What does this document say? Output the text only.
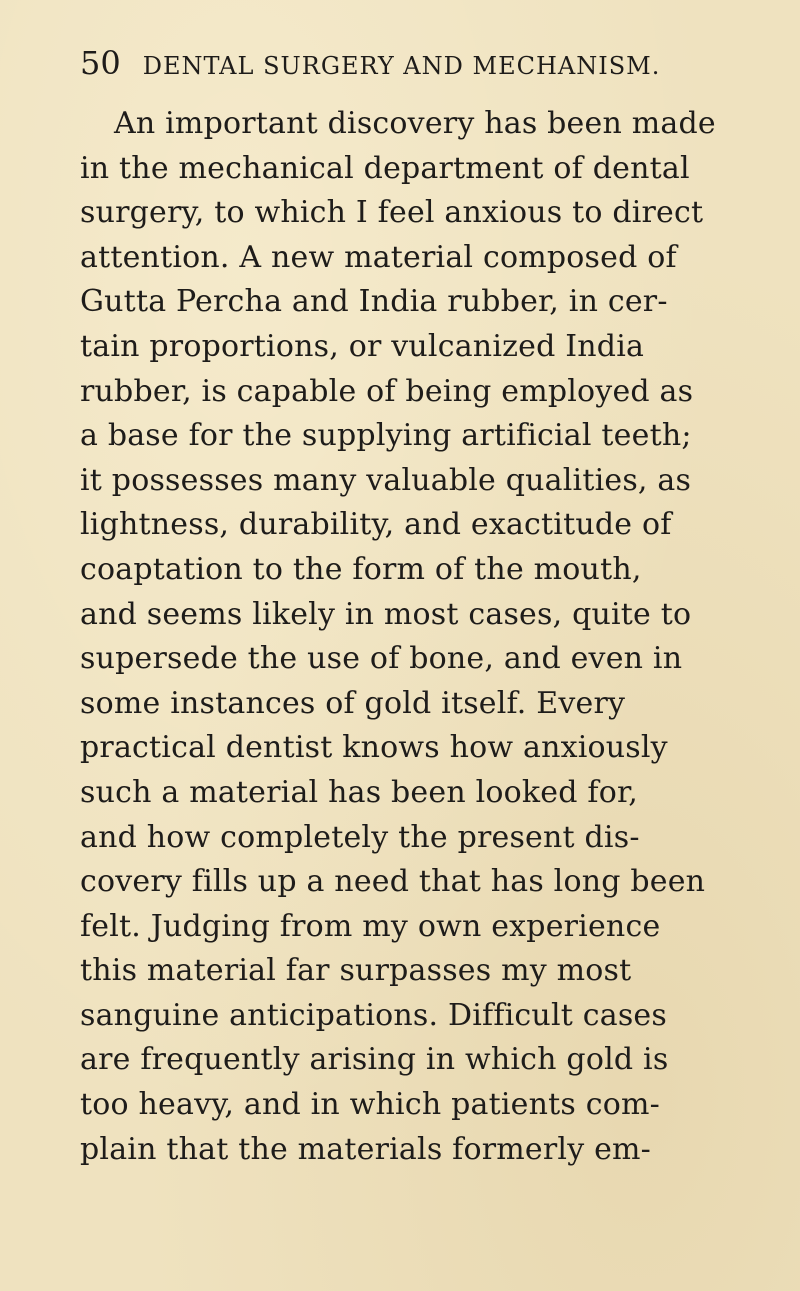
50 DENTAL SURGERY AND MECHANISM.
An important discovery has been made
in the mechanical department of dental
surgery, to which I feel anxious to direct
attention. A new material composed of
Gutta Percha and India rubber, in cer-
tain proportions, or vulcanized India
rubber, is capable of being employed as
a base for the supplying artificial teeth;
it possesses many valuable qualities, as
lightness, durability, and exactitude of
coaptation to the form of the mouth,
and seems likely in most cases, quite to
supersede the use of bone, and even in
some instances of gold itself. Every
practical dentist knows how anxiously
such a material has been looked for,
and how completely the present dis-
covery fills up a need that has long been
felt. Judging from my own experience
this material far surpasses my most
sanguine anticipations. Difficult cases
are frequently arising in which gold is
too heavy, and in which patients com-
plain that the materials formerly em-
